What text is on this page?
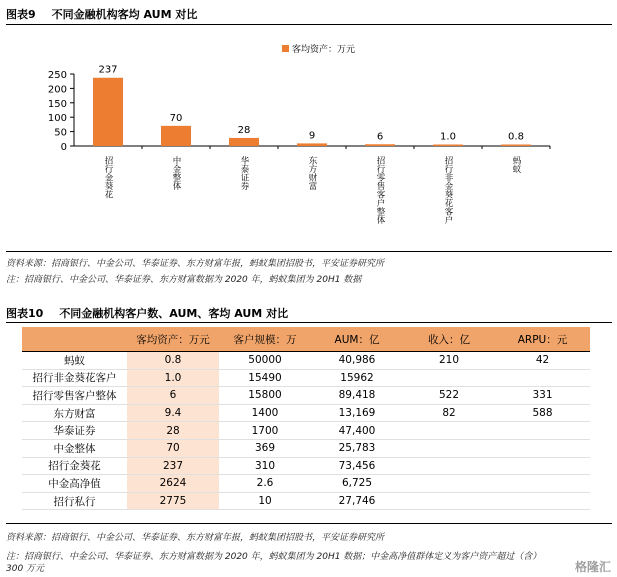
图表9 不同金融机构客均 AUM 对比
0
50
100
150
200
250	237
招行金葵花
70
中金整体
28
华泰证券
9
东方财富
6
招行零售客户整体
1.0
招行非金葵花客户
0.8
蚂蚁
客均资产：万元
资料来源：招商银行、中金公司、华泰证券、东方财富年报，蚂蚁集团招股书，平安证券研究所
注：招商银行、中金公司、华泰证券、东方财富数据为 2020 年，蚂蚁集团为 20H1 数据
图表10 不同金融机构客户数、AUM、客均 AUM 对比
	客均资产：万元	客户规模：万	AUM：亿	收入：亿	ARPU：元
蚂蚁	0.8	50000	40,986	210	42
招行非金葵花客户	1.0	15490	15962		
招行零售客户整体	6	15800	89,418	522	331
东方财富	9.4	1400	13,169	82	588
华泰证券	28	1700	47,400		
中金整体	70	369	25,783		
招行金葵花	237	310	73,456		
中金高净值	2624	2.6	6,725		
招行私行	2775	10	27,746		
资料来源：招商银行、中金公司、华泰证券、东方财富年报，蚂蚁集团招股书，平安证券研究所
注：招商银行、中金公司、华泰证券、东方财富数据为 2020 年，蚂蚁集团为 20H1 数据；中金高净值群体定义为客户资产超过（含）
300 万元	格隆汇
